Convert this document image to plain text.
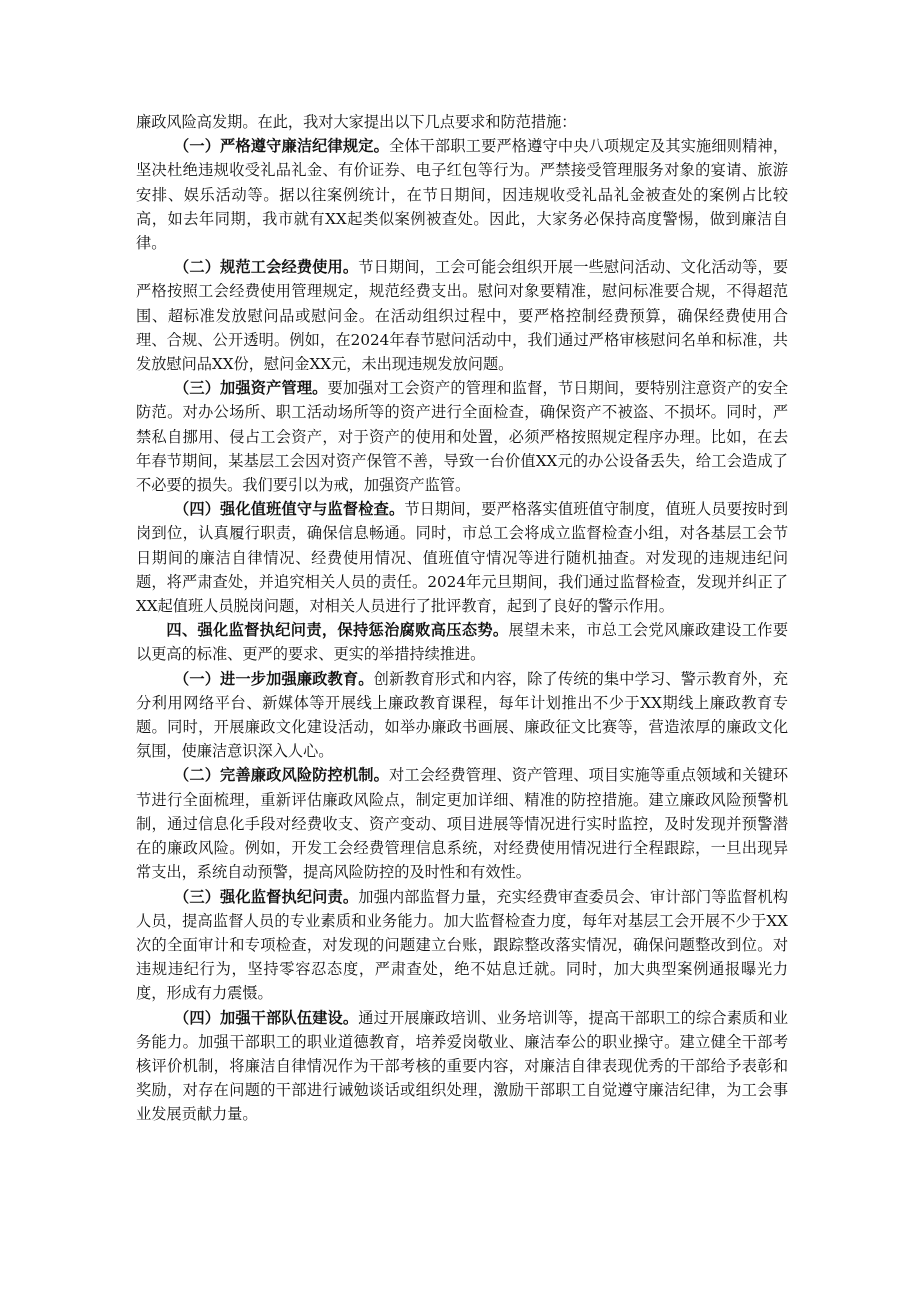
廉政风险高发期。在此，我对大家提出以下几点要求和防范措施：

（一）严格遵守廉洁纪律规定。全体干部职工要严格遵守中央八项规定及其实施细则精神，坚决杜绝违规收受礼品礼金、有价证券、电子红包等行为。严禁接受管理服务对象的宴请、旅游安排、娱乐活动等。据以往案例统计，在节日期间，因违规收受礼品礼金被查处的案例占比较高，如去年同期，我市就有XX起类似案例被查处。因此，大家务必保持高度警惕，做到廉洁自律。

（二）规范工会经费使用。节日期间，工会可能会组织开展一些慰问活动、文化活动等，要严格按照工会经费使用管理规定，规范经费支出。慰问对象要精准，慰问标准要合规，不得超范围、超标准发放慰问品或慰问金。在活动组织过程中，要严格控制经费预算，确保经费使用合理、合规、公开透明。例如，在2024年春节慰问活动中，我们通过严格审核慰问名单和标准，共发放慰问品XX份，慰问金XX元，未出现违规发放问题。

（三）加强资产管理。要加强对工会资产的管理和监督，节日期间，要特别注意资产的安全防范。对办公场所、职工活动场所等的资产进行全面检查，确保资产不被盗、不损坏。同时，严禁私自挪用、侵占工会资产，对于资产的使用和处置，必须严格按照规定程序办理。比如，在去年春节期间，某基层工会因对资产保管不善，导致一台价值XX元的办公设备丢失，给工会造成了不必要的损失。我们要引以为戒，加强资产监管。

（四）强化值班值守与监督检查。节日期间，要严格落实值班值守制度，值班人员要按时到岗到位，认真履行职责，确保信息畅通。同时，市总工会将成立监督检查小组，对各基层工会节日期间的廉洁自律情况、经费使用情况、值班值守情况等进行随机抽查。对发现的违规违纪问题，将严肃查处，并追究相关人员的责任。2024年元旦期间，我们通过监督检查，发现并纠正了XX起值班人员脱岗问题，对相关人员进行了批评教育，起到了良好的警示作用。

四、强化监督执纪问责，保持惩治腐败高压态势。展望未来，市总工会党风廉政建设工作要以更高的标准、更严的要求、更实的举措持续推进。

（一）进一步加强廉政教育。创新教育形式和内容，除了传统的集中学习、警示教育外，充分利用网络平台、新媒体等开展线上廉政教育课程，每年计划推出不少于XX期线上廉政教育专题。同时，开展廉政文化建设活动，如举办廉政书画展、廉政征文比赛等，营造浓厚的廉政文化氛围，使廉洁意识深入人心。

（二）完善廉政风险防控机制。对工会经费管理、资产管理、项目实施等重点领域和关键环节进行全面梳理，重新评估廉政风险点，制定更加详细、精准的防控措施。建立廉政风险预警机制，通过信息化手段对经费收支、资产变动、项目进展等情况进行实时监控，及时发现并预警潜在的廉政风险。例如，开发工会经费管理信息系统，对经费使用情况进行全程跟踪，一旦出现异常支出，系统自动预警，提高风险防控的及时性和有效性。

（三）强化监督执纪问责。加强内部监督力量，充实经费审查委员会、审计部门等监督机构人员，提高监督人员的专业素质和业务能力。加大监督检查力度，每年对基层工会开展不少于XX次的全面审计和专项检查，对发现的问题建立台账，跟踪整改落实情况，确保问题整改到位。对违规违纪行为，坚持零容忍态度，严肃查处，绝不姑息迁就。同时，加大典型案例通报曝光力度，形成有力震慑。

（四）加强干部队伍建设。通过开展廉政培训、业务培训等，提高干部职工的综合素质和业务能力。加强干部职工的职业道德教育，培养爱岗敬业、廉洁奉公的职业操守。建立健全干部考核评价机制，将廉洁自律情况作为干部考核的重要内容，对廉洁自律表现优秀的干部给予表彰和奖励，对存在问题的干部进行诫勉谈话或组织处理，激励干部职工自觉遵守廉洁纪律，为工会事业发展贡献力量。
